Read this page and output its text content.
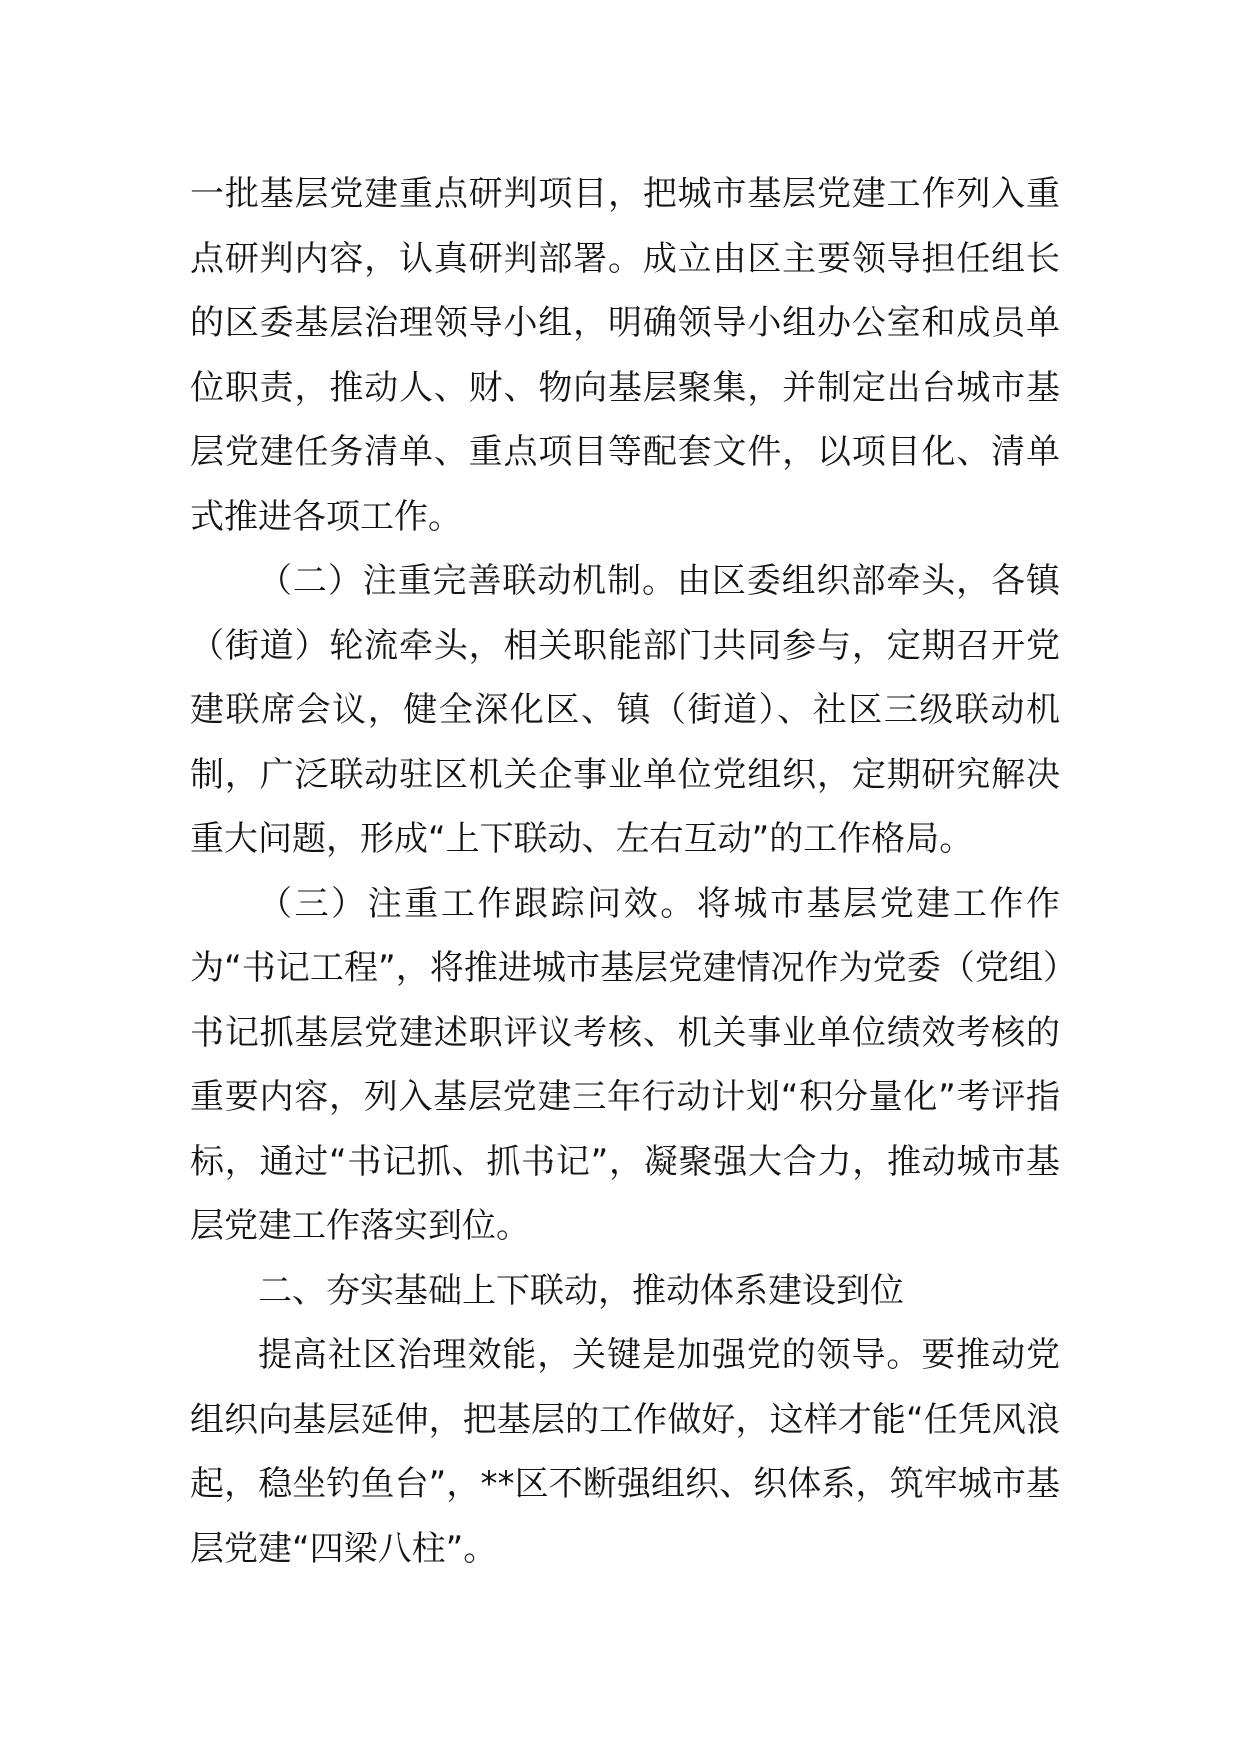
一批基层党建重点研判项目，把城市基层党建工作列入重点研判内容，认真研判部署。成立由区主要领导担任组长的区委基层治理领导小组，明确领导小组办公室和成员单位职责，推动人、财、物向基层聚集，并制定出台城市基层党建任务清单、重点项目等配套文件，以项目化、清单式推进各项工作。

（二）注重完善联动机制。由区委组织部牵头，各镇（街道）轮流牵头，相关职能部门共同参与，定期召开党建联席会议，健全深化区、镇（街道）、社区三级联动机制，广泛联动驻区机关企事业单位党组织，定期研究解决重大问题，形成“上下联动、左右互动”的工作格局。

（三）注重工作跟踪问效。将城市基层党建工作作为“书记工程”，将推进城市基层党建情况作为党委（党组）书记抓基层党建述职评议考核、机关事业单位绩效考核的重要内容，列入基层党建三年行动计划“积分量化”考评指标，通过“书记抓、抓书记”，凝聚强大合力，推动城市基层党建工作落实到位。

二、夯实基础上下联动，推动体系建设到位

提高社区治理效能，关键是加强党的领导。要推动党组织向基层延伸，把基层的工作做好，这样才能“任凭风浪起，稳坐钓鱼台”，**区不断强组织、织体系，筑牢城市基层党建“四梁八柱”。
